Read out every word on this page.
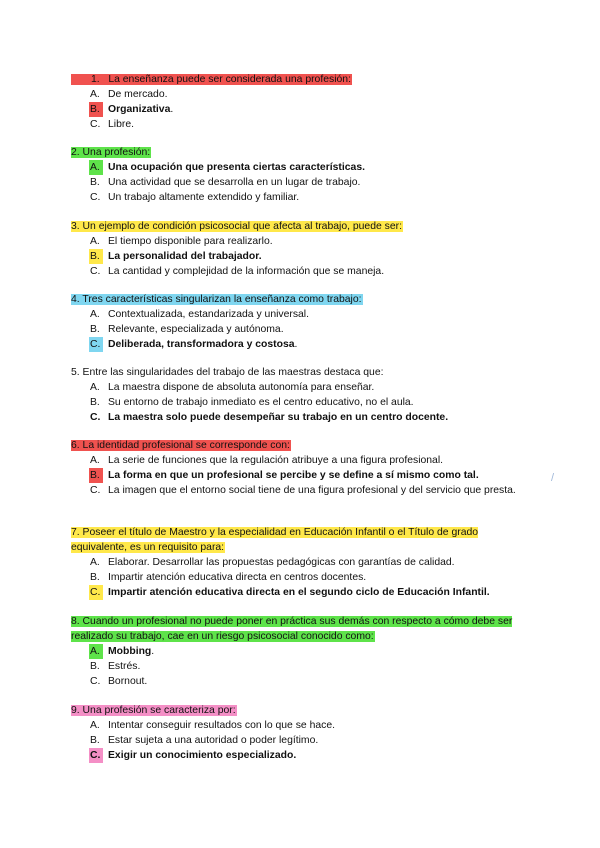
1.   La enseñanza puede ser considerada una profesión:
A. De mercado.
B. Organizativa.
C. Libre.
2. Una profesión:
A. Una ocupación que presenta ciertas características.
B. Una actividad que se desarrolla en un lugar de trabajo.
C. Un trabajo altamente extendido y familiar.
3. Un ejemplo de condición psicosocial que afecta al trabajo, puede ser:
A. El tiempo disponible para realizarlo.
B. La personalidad del trabajador.
C. La cantidad y complejidad de la información que se maneja.
4. Tres características singularizan la enseñanza como trabajo:
A. Contextualizada, estandarizada y universal.
B. Relevante, especializada y autónoma.
C. Deliberada, transformadora y costosa.
5. Entre las singularidades del trabajo de las maestras destaca que:
A. La maestra dispone de absoluta autonomía para enseñar.
B. Su entorno de trabajo inmediato es el centro educativo, no el aula.
C. La maestra solo puede desempeñar su trabajo en un centro docente.
6. La identidad profesional se corresponde con:
A. La serie de funciones que la regulación atribuye a una figura profesional.
B. La forma en que un profesional se percibe y se define a sí mismo como tal.
C. La imagen que el entorno social tiene de una figura profesional y del servicio que presta.
7. Poseer el título de Maestro y la especialidad en Educación Infantil o el Título de grado equivalente, es un requisito para:
A. Elaborar. Desarrollar las propuestas pedagógicas con garantías de calidad.
B. Impartir atención educativa directa en centros docentes.
C. Impartir atención educativa directa en el segundo ciclo de Educación Infantil.
8. Cuando un profesional no puede poner en práctica sus demás con respecto a cómo debe ser realizado su trabajo, cae en un riesgo psicosocial conocido como:
A. Mobbing.
B. Estrés.
C. Bornout.
9. Una profesión se caracteriza por:
A. Intentar conseguir resultados con lo que se hace.
B. Estar sujeta a una autoridad o poder legítimo.
C. Exigir un conocimiento especializado.
/
